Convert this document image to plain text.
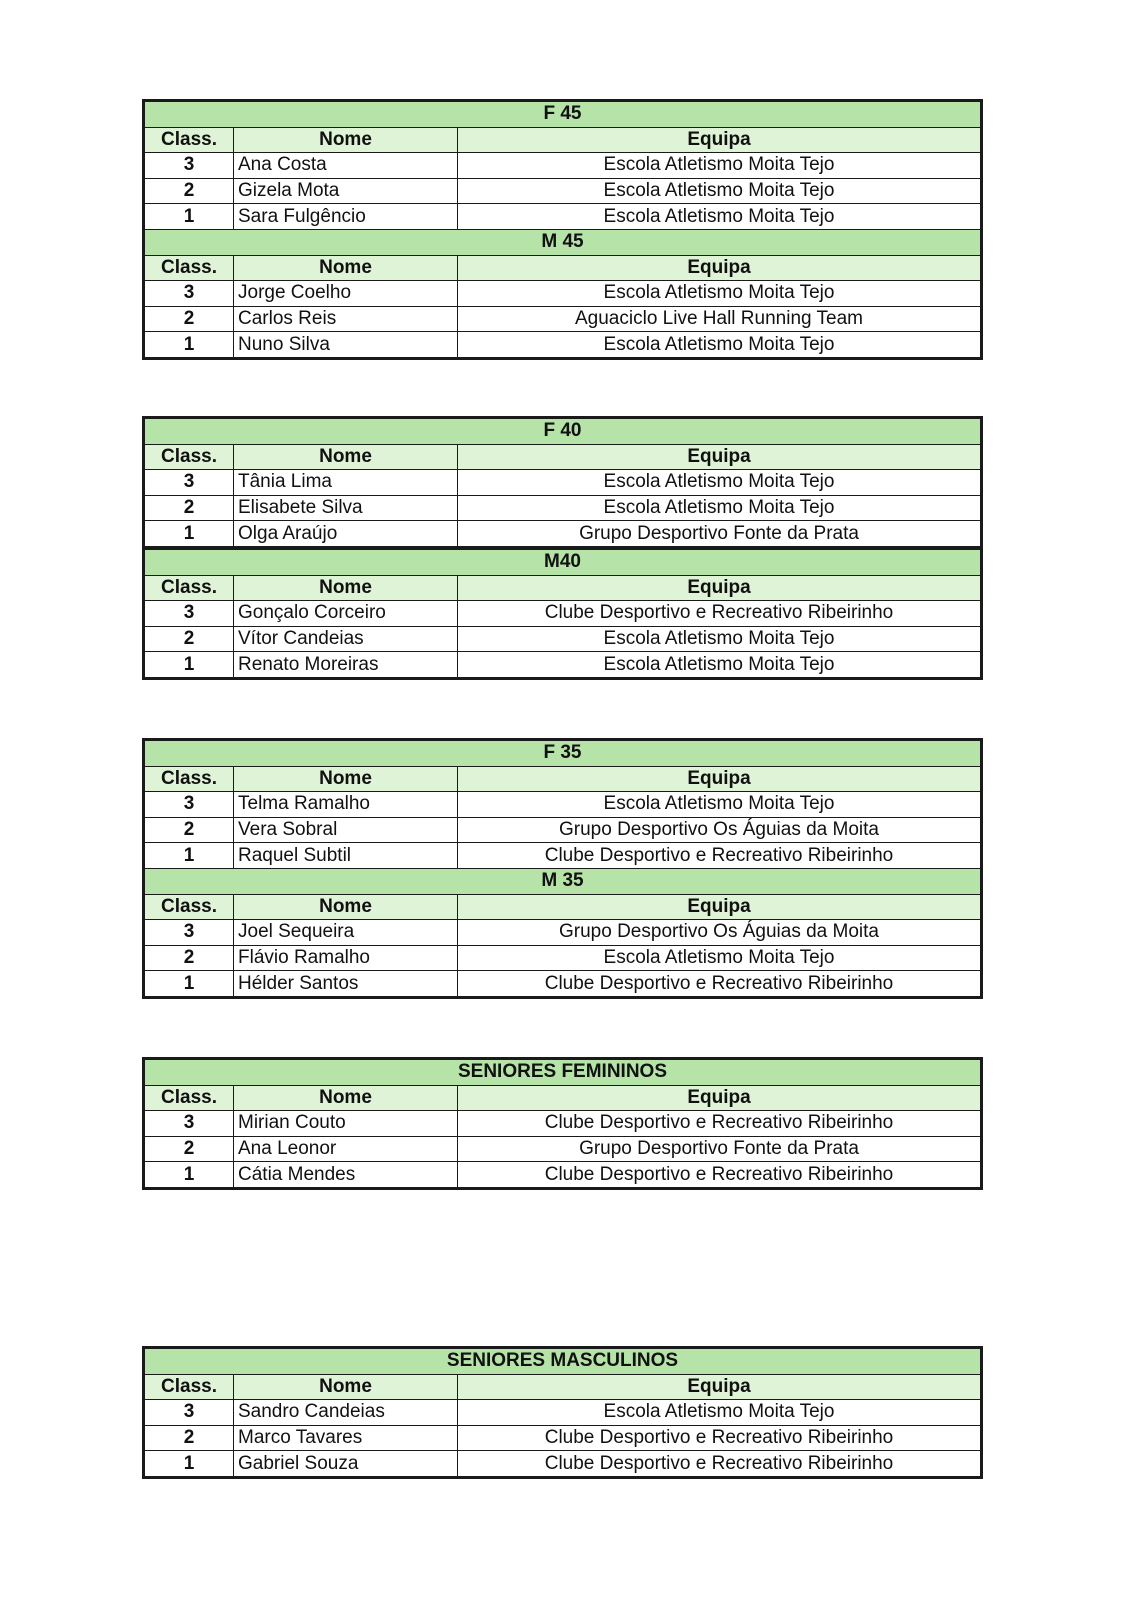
F 45		
Class.	Nome	Equipa
3	Ana Costa	Escola Atletismo Moita Tejo
2	Gizela Mota	Escola Atletismo Moita Tejo
1	Sara Fulgêncio	Escola Atletismo Moita Tejo
M 45		
Class.	Nome	Equipa
3	Jorge Coelho	Escola Atletismo Moita Tejo
2	Carlos Reis	Aguaciclo Live Hall Running Team
1	Nuno Silva	Escola Atletismo Moita Tejo
F 40		
Class.	Nome	Equipa
3	Tânia Lima	Escola Atletismo Moita Tejo
2	Elisabete Silva	Escola Atletismo Moita Tejo
1	Olga Araújo	Grupo Desportivo Fonte da Prata
M40		
Class.	Nome	Equipa
3	Gonçalo Corceiro	Clube Desportivo e Recreativo Ribeirinho
2	Vítor Candeias	Escola Atletismo Moita Tejo
1	Renato Moreiras	Escola Atletismo Moita Tejo
F 35		
Class.	Nome	Equipa
3	Telma Ramalho	Escola Atletismo Moita Tejo
2	Vera Sobral	Grupo Desportivo Os Águias da Moita
1	Raquel Subtil	Clube Desportivo e Recreativo Ribeirinho
M 35		
Class.	Nome	Equipa
3	Joel Sequeira	Grupo Desportivo Os Águias da Moita
2	Flávio Ramalho	Escola Atletismo Moita Tejo
1	Hélder Santos	Clube Desportivo e Recreativo Ribeirinho
SENIORES FEMININOS		
Class.	Nome	Equipa
3	Mirian Couto	Clube Desportivo e Recreativo Ribeirinho
2	Ana Leonor	Grupo Desportivo Fonte da Prata
1	Cátia Mendes	Clube Desportivo e Recreativo Ribeirinho
SENIORES MASCULINOS		
Class.	Nome	Equipa
3	Sandro Candeias	Escola Atletismo Moita Tejo
2	Marco Tavares	Clube Desportivo e Recreativo Ribeirinho
1	Gabriel Souza	Clube Desportivo e Recreativo Ribeirinho
